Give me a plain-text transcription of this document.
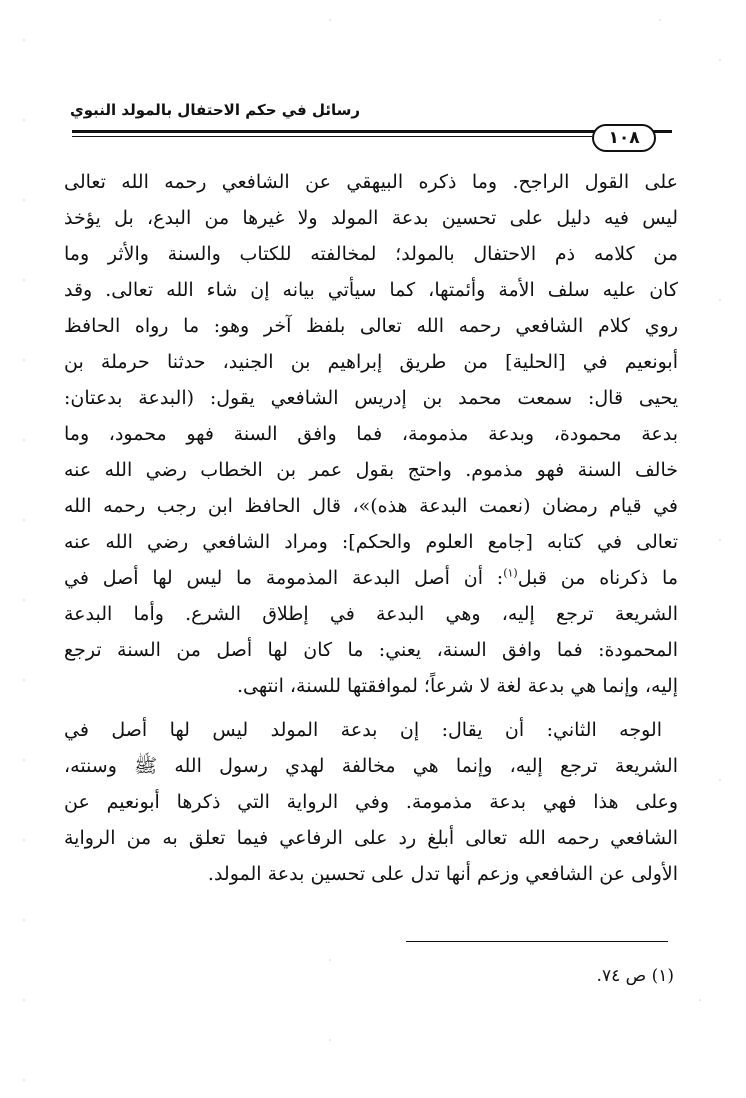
رسائل في حكم الاحتفال بالمولد النبوي
١٠٨
على القول الراجح. وما ذكره البيهقي عن الشافعي رحمه الله تعالى
ليس فيه دليل على تحسين بدعة المولد ولا غيرها من البدع، بل يؤخذ
من كلامه ذم الاحتفال بالمولد؛ لمخالفته للكتاب والسنة والأثر وما
كان عليه سلف الأمة وأئمتها، كما سيأتي بيانه إن شاء الله تعالى. وقد
روي كلام الشافعي رحمه الله تعالى بلفظ آخر وهو: ما رواه الحافظ
أبونعيم في [الحلية] من طريق إبراهيم بن الجنيد، حدثنا حرملة بن
يحيى قال: سمعت محمد بن إدريس الشافعي يقول: (البدعة بدعتان:
بدعة محمودة، وبدعة مذمومة، فما وافق السنة فهو محمود، وما
خالف السنة فهو مذموم. واحتج بقول عمر بن الخطاب رضي الله عنه
في قيام رمضان (نعمت البدعة هذه)»، قال الحافظ ابن رجب رحمه الله
تعالى في كتابه [جامع العلوم والحكم]: ومراد الشافعي رضي الله عنه
ما ذكرناه من قبل$^{(١)}$: أن أصل البدعة المذمومة ما ليس لها أصل في
الشريعة ترجع إليه، وهي البدعة في إطلاق الشرع. وأما البدعة
المحمودة: فما وافق السنة، يعني: ما كان لها أصل من السنة ترجع
إليه، وإنما هي بدعة لغة لا شرعاً؛ لموافقتها للسنة، انتهى.
الوجه الثاني: أن يقال: إن بدعة المولد ليس لها أصل في
الشريعة ترجع إليه، وإنما هي مخالفة لهدي رسول الله ﷺ وسنته،
وعلى هذا فهي بدعة مذمومة. وفي الرواية التي ذكرها أبونعيم عن
الشافعي رحمه الله تعالى أبلغ رد على الرفاعي فيما تعلق به من الرواية
الأولى عن الشافعي وزعم أنها تدل على تحسين بدعة المولد.
(١) ص ٧٤.
